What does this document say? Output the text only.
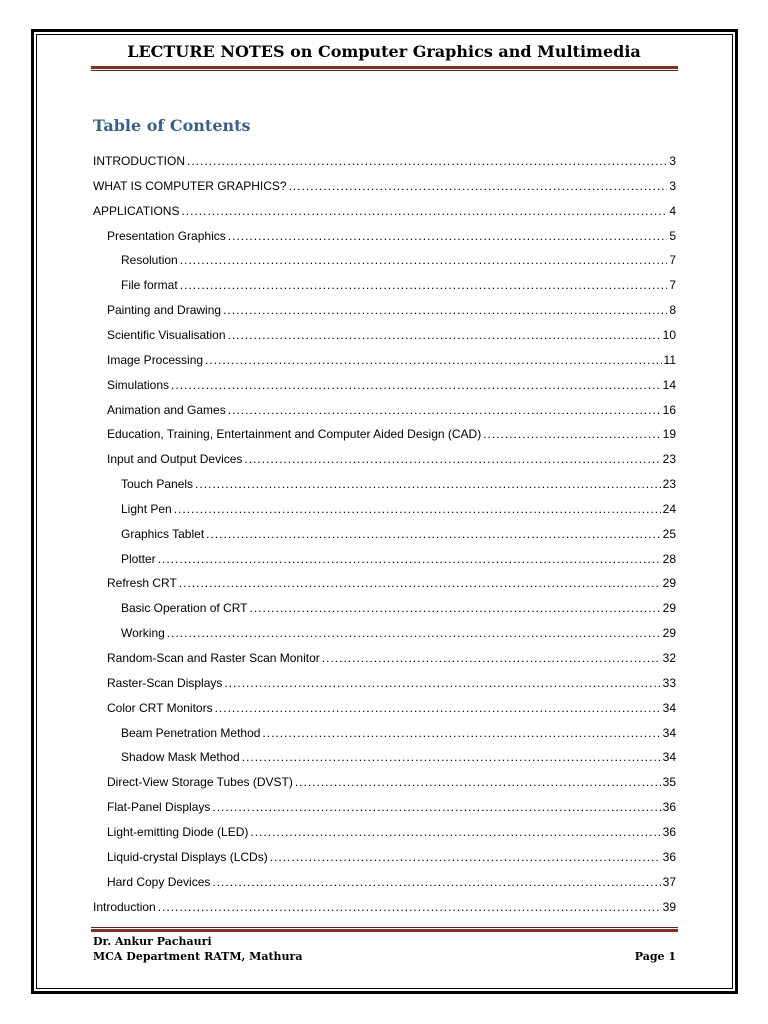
LECTURE NOTES on Computer Graphics and Multimedia
Table of Contents
INTRODUCTION .....	3
WHAT IS COMPUTER GRAPHICS? .....	3
APPLICATIONS .....	4
Presentation Graphics .....	5
Resolution .....	7
File format .....	7
Painting and Drawing .....	8
Scientific Visualisation .....	10
Image Processing .....	11
Simulations .....	14
Animation and Games .....	16
Education, Training, Entertainment and Computer Aided Design (CAD) .....	19
Input and Output Devices .....	23
Touch Panels .....	23
Light Pen .....	24
Graphics Tablet .....	25
Plotter .....	28
Refresh CRT .....	29
Basic Operation of CRT .....	29
Working .....	29
Random-Scan and Raster Scan Monitor .....	32
Raster-Scan Displays .....	33
Color CRT Monitors .....	34
Beam Penetration Method .....	34
Shadow Mask Method .....	34
Direct-View Storage Tubes (DVST) .....	35
Flat-Panel Displays .....	36
Light-emitting Diode (LED) .....	36
Liquid-crystal Displays (LCDs) .....	36
Hard Copy Devices .....	37
Introduction .....	39
Dr. Ankur Pachauri
MCA Department RATM, Mathura	Page 1
